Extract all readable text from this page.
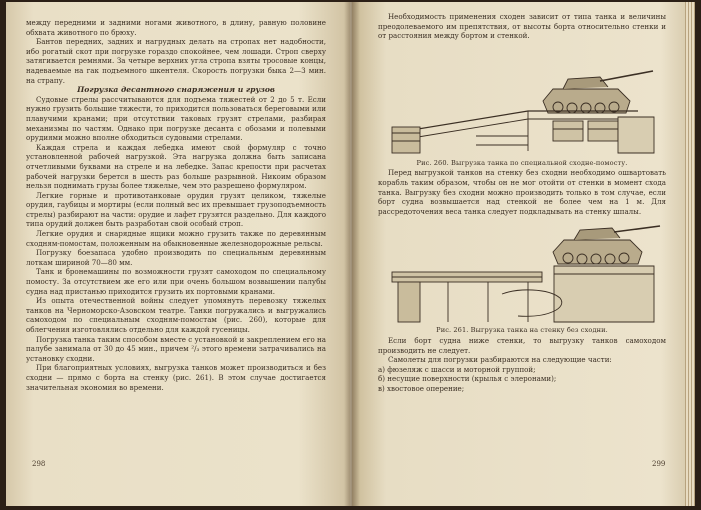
между передними и задними ногами животного, в длину, равную половине обхвата животного по брюху.

Бантов передних, задних и нагрудных делать на стропах нет надобности, ибо рогатый скот при погрузке гораздо спокойнее, чем лошади. Строп сверху затягивается ремнями. За четыре верхних угла стропа взяты тросовые концы, надеваемые на гак подъемного шкентеля. Скорость погрузки быка 2—3 мин. на страпу.

Погрузка десантного снаряжения и грузов

Судовые стрелы рассчитываются для подъема тяжестей от 2 до 5 т. Если нужно грузить большие тяжести, то приходится пользоваться береговыми или плавучими кранами; при отсутствии таковых грузят стрелами, разбирая механизмы по частям. Однако при погрузке десанта с обозами и полевыми орудиями можно вполне обходиться судовыми стрелами.

Каждая стрела и каждая лебедка имеют свой формуляр с точно установленной рабочей нагрузкой. Эта нагрузка должна быть записана отчетливыми буквами на стреле и на лебедке. Запас крепости при расчетах рабочей нагрузки берется в шесть раз больше разрывной. Никоим образом нельзя поднимать грузы более тяжелые, чем это разрешено формуляром.

Легкие горные и противотанковые орудия грузят целиком, тяжелые орудия, гаубицы и мортиры (если полный вес их превышает грузоподъемность стрелы) разбирают на части: орудие и лафет грузятся раздельно. Для каждого типа орудий должен быть разработан свой особый строп.

Легкие орудия и снарядные ящики можно грузить также по деревянным сходням-помостам, положенным на обыкновенные железнодорожные рельсы.

Погрузку боезапаса удобно производить по специальным деревянным лоткам шириной 70—80 мм.

Танк и бронемашины по возможности грузят самоходом по специальному помосту. За отсутствием же его или при очень большом возвышении палубы судна над пристанью приходится грузить их портовыми кранами.

Из опыта отечественной войны следует упомянуть перевозку тяжелых танков на Черноморско-Азовском театре. Танки погружались и выгружались самоходом по специальным сходням-помостам (рис. 260), которые для облегчения изготовлялись отдельно для каждой гусеницы.

Погрузка танка таким способом вместе с установкой и закреплением его на палубе занимала от 30 до 45 мин., причем ²/₃ этого времени затрачивались на установку сходни.

При благоприятных условиях, выгрузка танков может производиться и без сходни — прямо с борта на стенку (рис. 261). В этом случае достигается значительная экономия во времени.

298

Необходимость применения сходен зависит от типа танка и величины преодолеваемого им препятствия, от высоты борта относительно стенки и от расстояния между бортом и стенкой.

Рис. 260. Выгрузка танка по специальной сходне-помосту.

Перед выгрузкой танков на стенку без сходни необходимо ошвартовать корабль таким образом, чтобы он не мог отойти от стенки в момент схода танка. Выгрузку без сходни можно производить только в том случае, если борт судна возвышается над стенкой не более чем на 1 м. Для рассредоточения веса танка следует подкладывать на стенку шпалы.

Рис. 261. Выгрузка танка на стенку без сходни.

Если борт судна ниже стенки, то выгрузку танков самоходом производить не следует.

Самолеты для погрузки разбираются на следующие части:

а) фюзеляж с шасси и моторной группой;

б) несущие поверхности (крылья с элеронами);

в) хвостовое оперение;

299
